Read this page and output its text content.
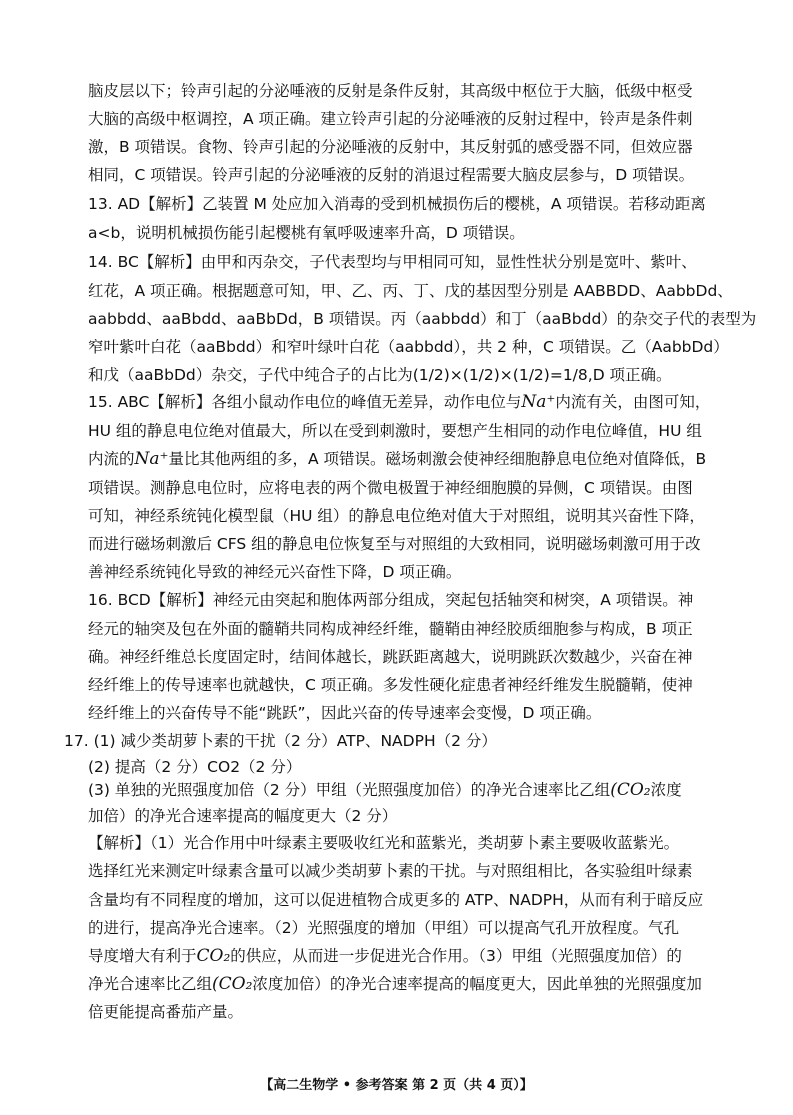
脑皮层以下；铃声引起的分泌唾液的反射是条件反射，其高级中枢位于大脑，低级中枢受
大脑的高级中枢调控，A 项正确。建立铃声引起的分泌唾液的反射过程中，铃声是条件刺
激，B 项错误。食物、铃声引起的分泌唾液的反射中，其反射弧的感受器不同，但效应器
相同，C 项错误。铃声引起的分泌唾液的反射的消退过程需要大脑皮层参与，D 项错误。
13. AD【解析】乙装置 M 处应加入消毒的受到机械损伤后的樱桃，A 项错误。若移动距离
a<b，说明机械损伤能引起樱桃有氧呼吸速率升高，D 项错误。
14. BC【解析】由甲和丙杂交，子代表型均与甲相同可知，显性性状分别是宽叶、紫叶、
红花，A 项正确。根据题意可知，甲、乙、丙、丁、戊的基因型分别是 AABBDD、AabbDd、
aabbdd、aaBbdd、aaBbDd，B 项错误。丙（aabbdd）和丁（aaBbdd）的杂交子代的表型为
窄叶紫叶白花（aaBbdd）和窄叶绿叶白花（aabbdd），共 2 种，C 项错误。乙（AabbDd）
和戊（aaBbDd）杂交，子代中纯合子的占比为(1/2)×(1/2)×(1/2)=1/8,D 项正确。
15. ABC【解析】各组小鼠动作电位的峰值无差异，动作电位与Na⁺内流有关，由图可知，
HU 组的静息电位绝对值最大，所以在受到刺激时，要想产生相同的动作电位峰值，HU 组
内流的Na⁺量比其他两组的多，A 项错误。磁场刺激会使神经细胞静息电位绝对值降低，B
项错误。测静息电位时，应将电表的两个微电极置于神经细胞膜的异侧，C 项错误。由图
可知，神经系统钝化模型鼠（HU 组）的静息电位绝对值大于对照组，说明其兴奋性下降，
而进行磁场刺激后 CFS 组的静息电位恢复至与对照组的大致相同，说明磁场刺激可用于改
善神经系统钝化导致的神经元兴奋性下降，D 项正确。
16. BCD【解析】神经元由突起和胞体两部分组成，突起包括轴突和树突，A 项错误。神
经元的轴突及包在外面的髓鞘共同构成神经纤维，髓鞘由神经胶质细胞参与构成，B 项正
确。神经纤维总长度固定时，结间体越长，跳跃距离越大，说明跳跃次数越少，兴奋在神
经纤维上的传导速率也就越快，C 项正确。多发性硬化症患者神经纤维发生脱髓鞘，使神
经纤维上的兴奋传导不能“跳跃”，因此兴奋的传导速率会变慢，D 项正确。
17. (1) 减少类胡萝卜素的干扰（2 分）ATP、NADPH（2 分）
(2) 提高（2 分）CO2（2 分）
(3) 单独的光照强度加倍（2 分）甲组（光照强度加倍）的净光合速率比乙组(CO₂浓度
加倍）的净光合速率提高的幅度更大（2 分）
【解析】（1）光合作用中叶绿素主要吸收红光和蓝紫光，类胡萝卜素主要吸收蓝紫光。
选择红光来测定叶绿素含量可以减少类胡萝卜素的干扰。与对照组相比，各实验组叶绿素
含量均有不同程度的增加，这可以促进植物合成更多的 ATP、NADPH，从而有利于暗反应
的进行，提高净光合速率。（2）光照强度的增加（甲组）可以提高气孔开放程度。气孔
导度增大有利于CO₂的供应，从而进一步促进光合作用。（3）甲组（光照强度加倍）的
净光合速率比乙组(CO₂浓度加倍）的净光合速率提高的幅度更大，因此单独的光照强度加
倍更能提高番茄产量。
【高二生物学 • 参考答案 第 2 页（共 4 页）】
